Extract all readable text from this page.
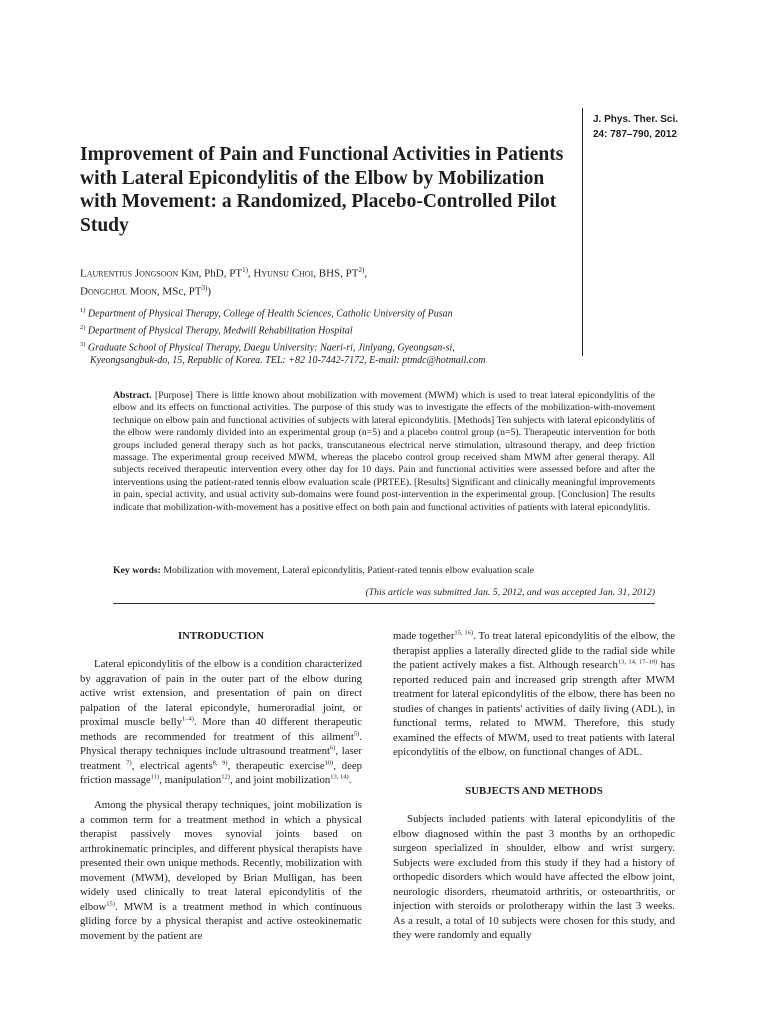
J. Phys. Ther. Sci.
24: 787–790, 2012
Improvement of Pain and Functional Activities in Patients with Lateral Epicondylitis of the Elbow by Mobilization with Movement: a Randomized, Placebo-Controlled Pilot Study
Laurentius Jongsoon Kim, PhD, PT$^{1)}$, Hyunsu Choi, BHS, PT$^{2)}$,
Dongchul Moon, MSc, PT$^{3)}$)
$^{1)}$ Department of Physical Therapy, College of Health Sciences, Catholic University of Pusan
$^{2)}$ Department of Physical Therapy, Medwill Rehabilitation Hospital
$^{3)}$ Graduate School of Physical Therapy, Daegu University: Naeri-ri, Jinlyang, Gyeongsan-si,
Kyeongsangbuk-do, 15, Republic of Korea. TEL: +82 10-7442-7172, E-mail: ptmdc@hotmail.com
Abstract. [Purpose] There is little known about mobilization with movement (MWM) which is used to treat lateral epicondylitis of the elbow and its effects on functional activities. The purpose of this study was to investigate the effects of the mobilization-with-movement technique on elbow pain and functional activities of subjects with lateral epicondylitis. [Methods] Ten subjects with lateral epicondylitis of the elbow were randomly divided into an experimental group (n=5) and a placebo control group (n=5). Therapeutic intervention for both groups included general therapy such as hot packs, transcutaneous electrical nerve stimulation, ultrasound therapy, and deep friction massage. The experimental group received MWM, whereas the placebo control group received sham MWM after general therapy. All subjects received therapeutic intervention every other day for 10 days. Pain and functional activities were assessed before and after the interventions using the patient-rated tennis elbow evaluation scale (PRTEE). [Results] Significant and clinically meaningful improvements in pain, special activity, and usual activity sub-domains were found post-intervention in the experimental group. [Conclusion] The results indicate that mobilization-with-movement has a positive effect on both pain and functional activities of patients with lateral epicondylitis.
Key words: Mobilization with movement, Lateral epicondylitis, Patient-rated tennis elbow evaluation scale
(This article was submitted Jan. 5, 2012, and was accepted Jan. 31, 2012)
INTRODUCTION

Lateral epicondylitis of the elbow is a condition characterized by aggravation of pain in the outer part of the elbow during active wrist extension, and presentation of pain on direct palpation of the lateral epicondyle, humeroradial joint, or proximal muscle belly$^{1-4)}$. More than 40 different therapeutic methods are recommended for treatment of this ailment$^{5)}$. Physical therapy techniques include ultrasound treatment$^{6)}$, laser treatment $^{7)}$, electrical agents$^{8, 9)}$, therapeutic exercise$^{10)}$, deep friction massage$^{11)}$, manipulation$^{12)}$, and joint mobilization$^{13, 14)}$.

Among the physical therapy techniques, joint mobilization is a common term for a treatment method in which a physical therapist passively moves synovial joints based on arthrokinematic principles, and different physical therapists have presented their own unique methods. Recently, mobilization with movement (MWM), developed by Brian Mulligan, has been widely used clinically to treat lateral epicondylitis of the elbow$^{15)}$. MWM is a treatment method in which continuous gliding force by a physical therapist and active osteokinematic movement by the patient are

made together$^{15, 16)}$. To treat lateral epicondylitis of the elbow, the therapist applies a laterally directed glide to the radial side while the patient actively makes a fist. Although research$^{13, 14, 17-19)}$ has reported reduced pain and increased grip strength after MWM treatment for lateral epicondylitis of the elbow, there has been no studies of changes in patients' activities of daily living (ADL), in functional terms, related to MWM. Therefore, this study examined the effects of MWM, used to treat patients with lateral epicondylitis of the elbow, on functional changes of ADL.

SUBJECTS AND METHODS

Subjects included patients with lateral epicondylitis of the elbow diagnosed within the past 3 months by an orthopedic surgeon specialized in shoulder, elbow and wrist surgery. Subjects were excluded from this study if they had a history of orthopedic disorders which would have affected the elbow joint, neurologic disorders, rheumatoid arthritis, or osteoarthritis, or injection with steroids or prolotherapy within the last 3 weeks. As a result, a total of 10 subjects were chosen for this study, and they were randomly and equally
